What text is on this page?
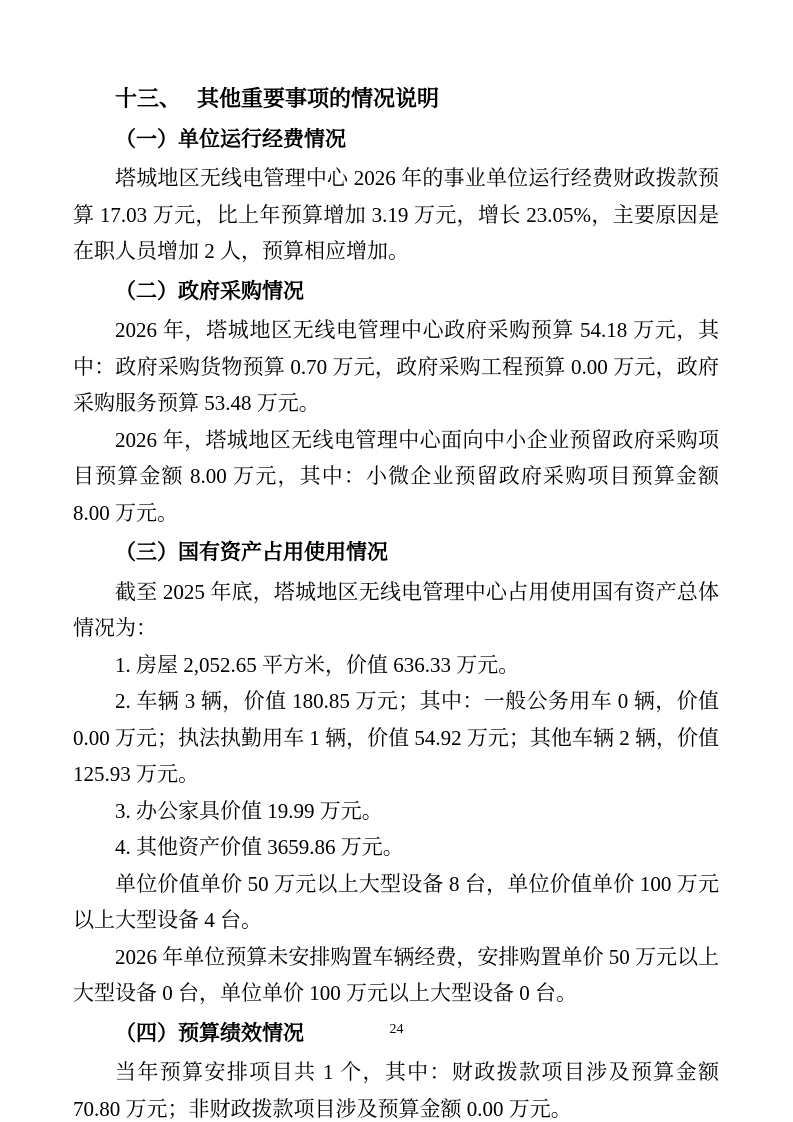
十三、 其他重要事项的情况说明
（一）单位运行经费情况

塔城地区无线电管理中心 2026 年的事业单位运行经费财政拨款预算 17.03 万元，比上年预算增加 3.19 万元，增长 23.05%，主要原因是在职人员增加 2 人，预算相应增加。

（二）政府采购情况

2026 年，塔城地区无线电管理中心政府采购预算 54.18 万元，其中：政府采购货物预算 0.70 万元，政府采购工程预算 0.00 万元，政府采购服务预算 53.48 万元。

2026 年，塔城地区无线电管理中心面向中小企业预留政府采购项目预算金额 8.00 万元，其中：小微企业预留政府采购项目预算金额 8.00 万元。

（三）国有资产占用使用情况

截至 2025 年底，塔城地区无线电管理中心占用使用国有资产总体情况为：

1. 房屋 2,052.65 平方米，价值 636.33 万元。

2. 车辆 3 辆，价值 180.85 万元；其中：一般公务用车 0 辆，价值 0.00 万元；执法执勤用车 1 辆，价值 54.92 万元；其他车辆 2 辆，价值 125.93 万元。

3. 办公家具价值 19.99 万元。

4. 其他资产价值 3659.86 万元。

单位价值单价 50 万元以上大型设备 8 台，单位价值单价 100 万元以上大型设备 4 台。

2026 年单位预算未安排购置车辆经费，安排购置单价 50 万元以上大型设备 0 台，单位单价 100 万元以上大型设备 0 台。

（四）预算绩效情况

当年预算安排项目共 1 个，其中：财政拨款项目涉及预算金额 70.80 万元；非财政拨款项目涉及预算金额 0.00 万元。

24
